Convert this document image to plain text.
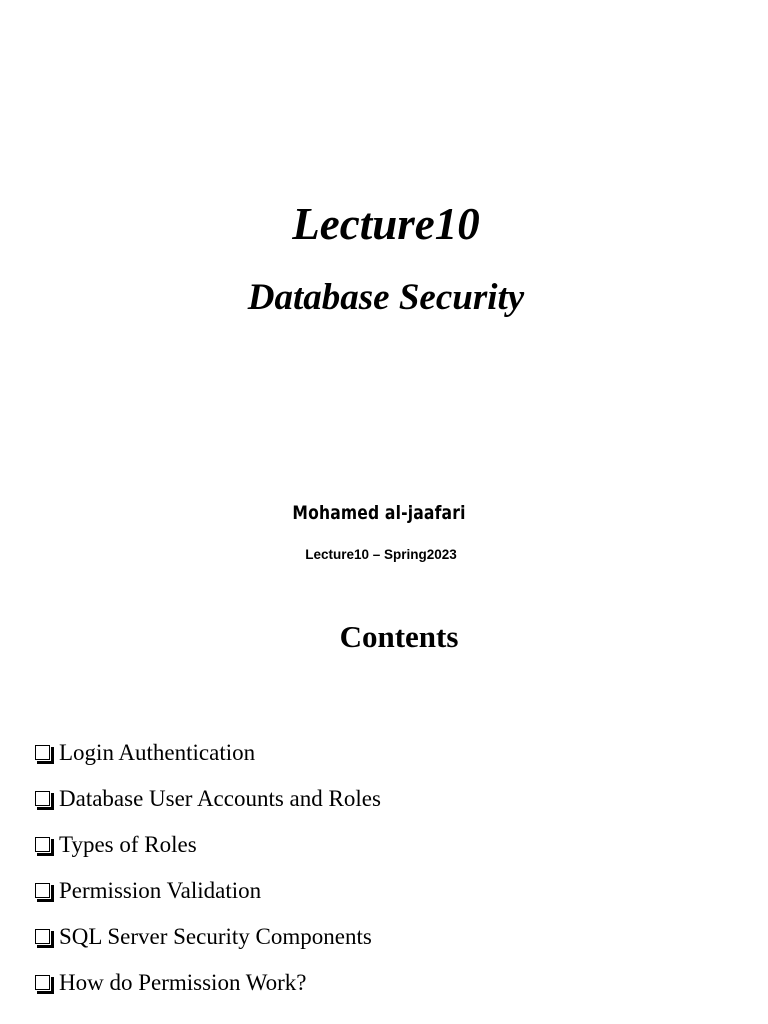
Lecture10
Database Security
Mohamed al-jaafari
Lecture10 – Spring2023
Contents
Login Authentication
Database User Accounts and Roles
Types of Roles
Permission Validation
SQL Server Security Components
How do Permission Work?
